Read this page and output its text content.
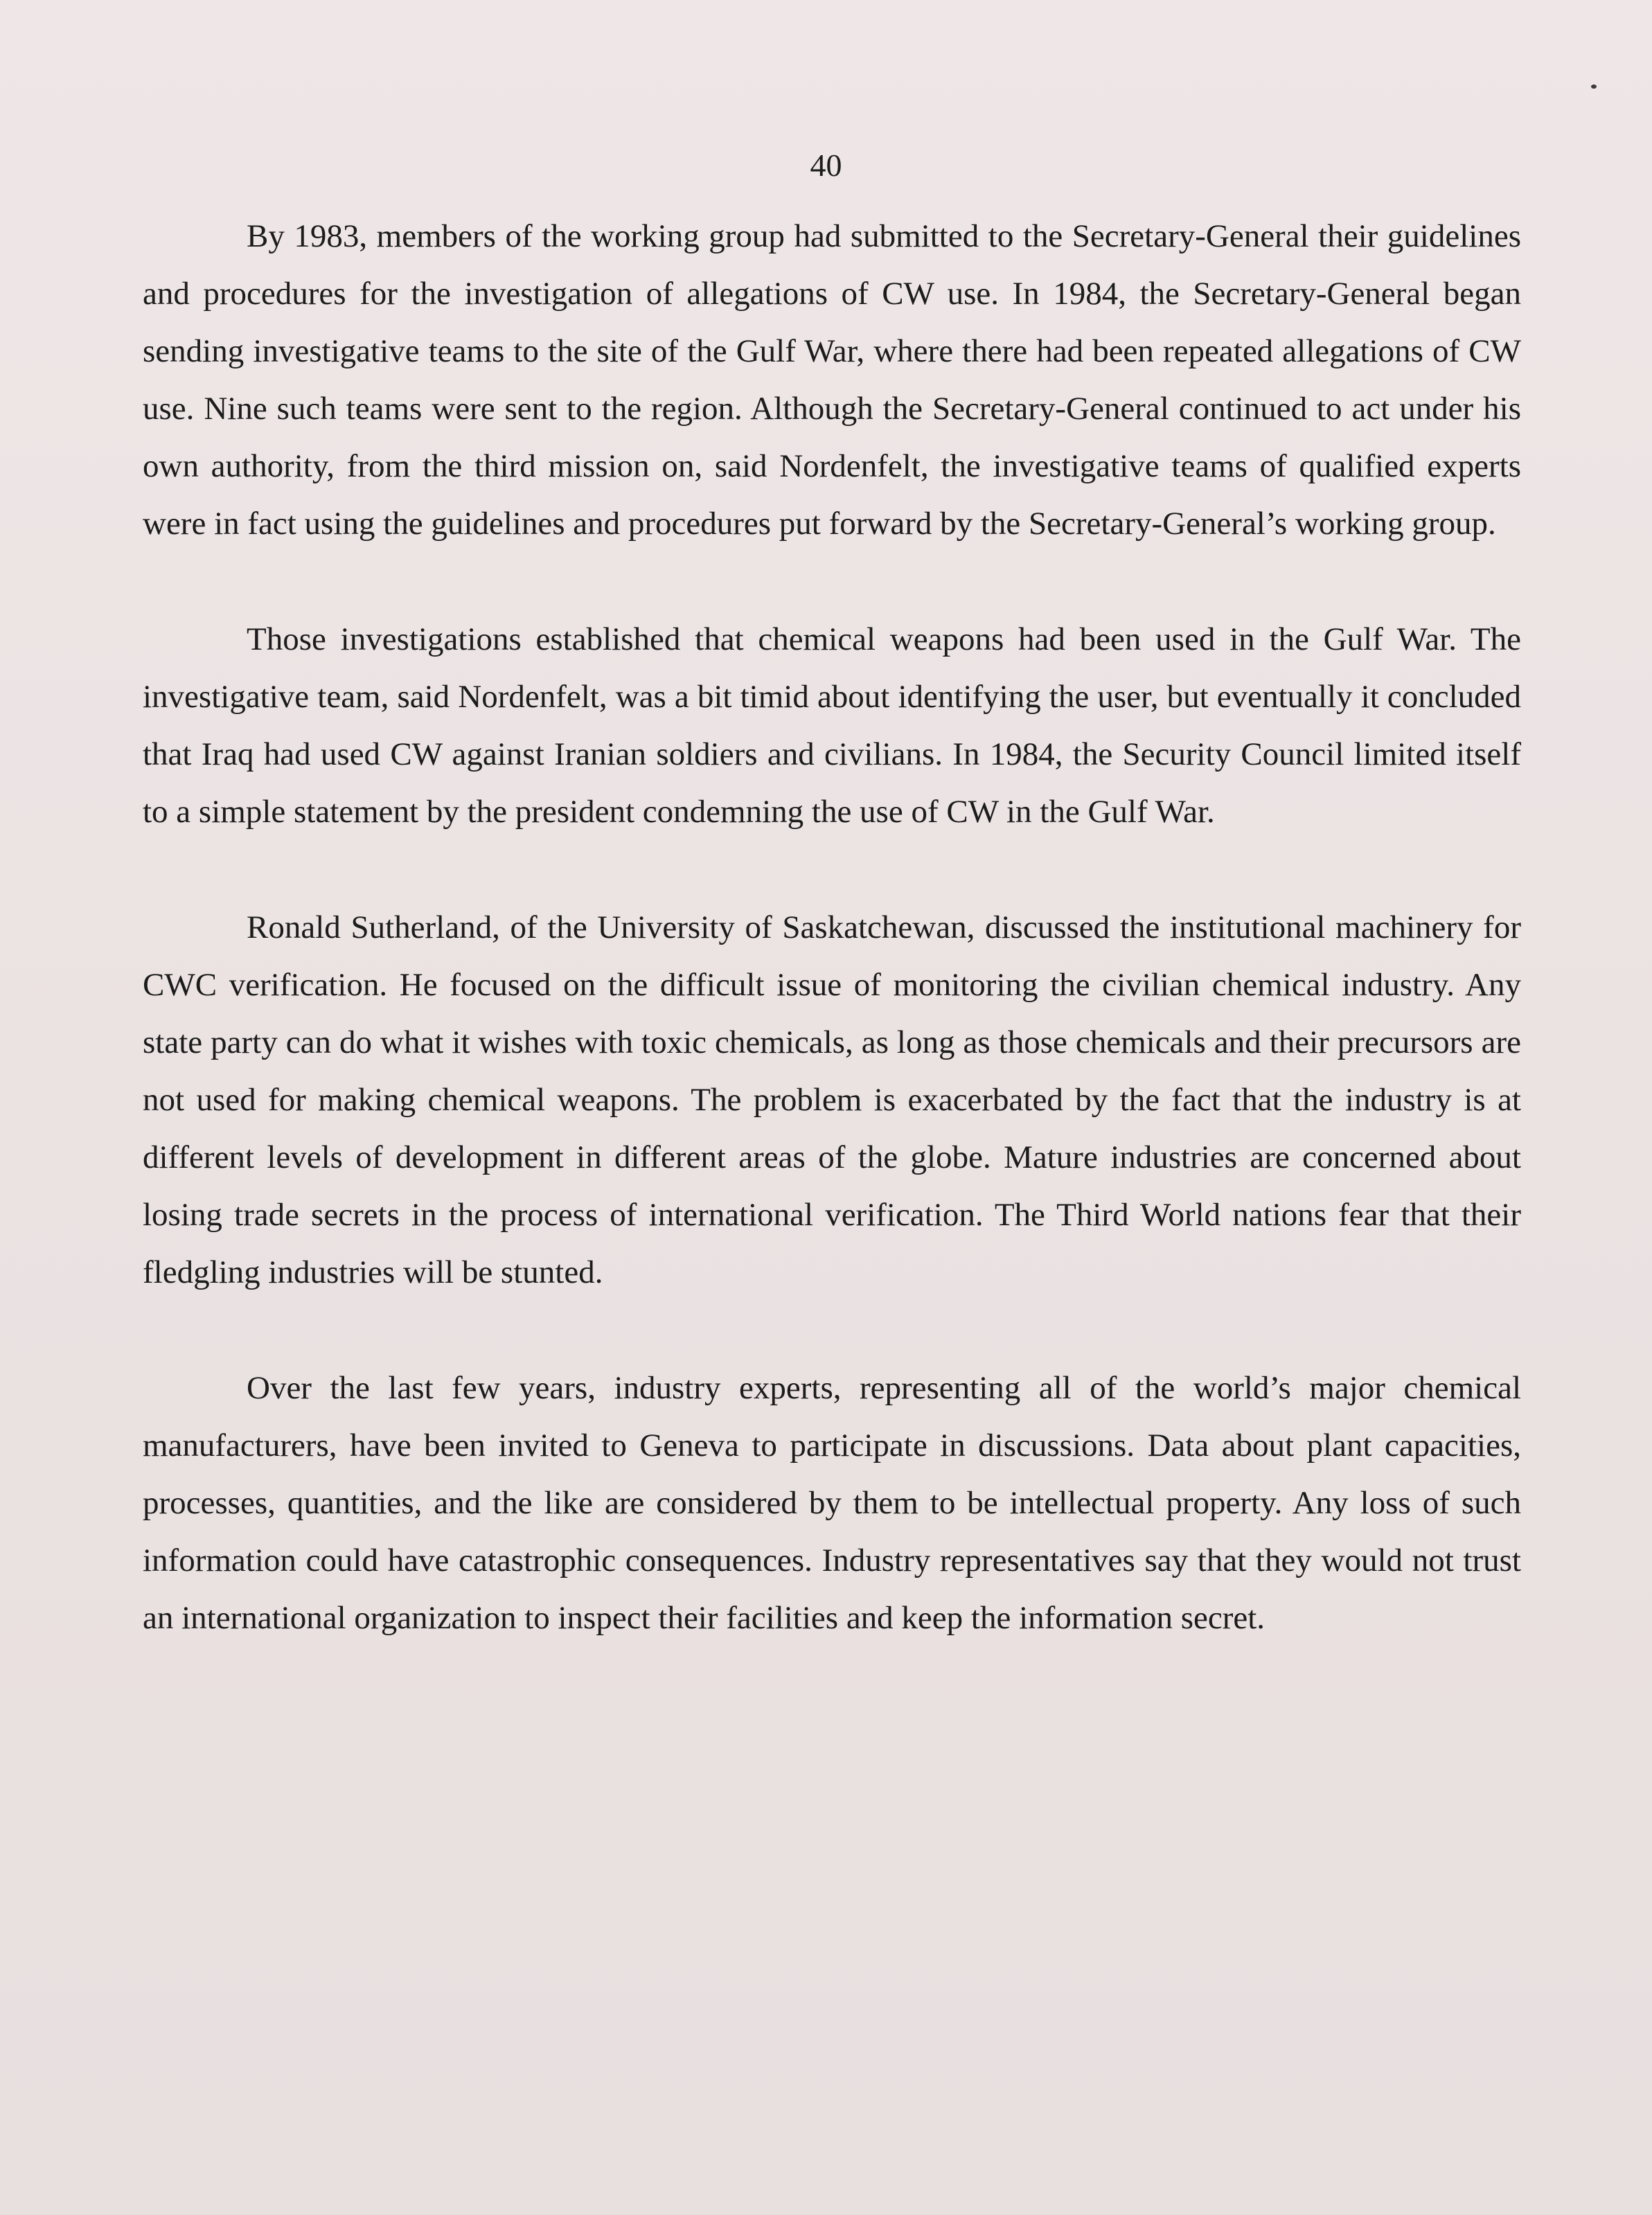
40

By 1983, members of the working group had submitted to the Secretary-General their guidelines and procedures for the investigation of allegations of CW use. In 1984, the Secretary-General began sending investigative teams to the site of the Gulf War, where there had been repeated allegations of CW use. Nine such teams were sent to the region. Although the Secretary-General continued to act under his own authority, from the third mission on, said Nordenfelt, the investigative teams of qualified experts were in fact using the guidelines and procedures put forward by the Secretary-General’s working group.

Those investigations established that chemical weapons had been used in the Gulf War. The investigative team, said Nordenfelt, was a bit timid about identifying the user, but eventually it concluded that Iraq had used CW against Iranian soldiers and civilians. In 1984, the Security Council limited itself to a simple statement by the president condemning the use of CW in the Gulf War.

Ronald Sutherland, of the University of Saskatchewan, discussed the institutional machinery for CWC verification. He focused on the difficult issue of monitoring the civilian chemical industry. Any state party can do what it wishes with toxic chemicals, as long as those chemicals and their precursors are not used for making chemical weapons. The problem is exacerbated by the fact that the industry is at different levels of development in different areas of the globe. Mature industries are concerned about losing trade secrets in the process of international verification. The Third World nations fear that their fledgling industries will be stunted.

Over the last few years, industry experts, representing all of the world’s major chemical manufacturers, have been invited to Geneva to participate in discussions. Data about plant capacities, processes, quantities, and the like are considered by them to be intellectual property. Any loss of such information could have catastrophic consequences. Industry representatives say that they would not trust an international organization to inspect their facilities and keep the information secret.
